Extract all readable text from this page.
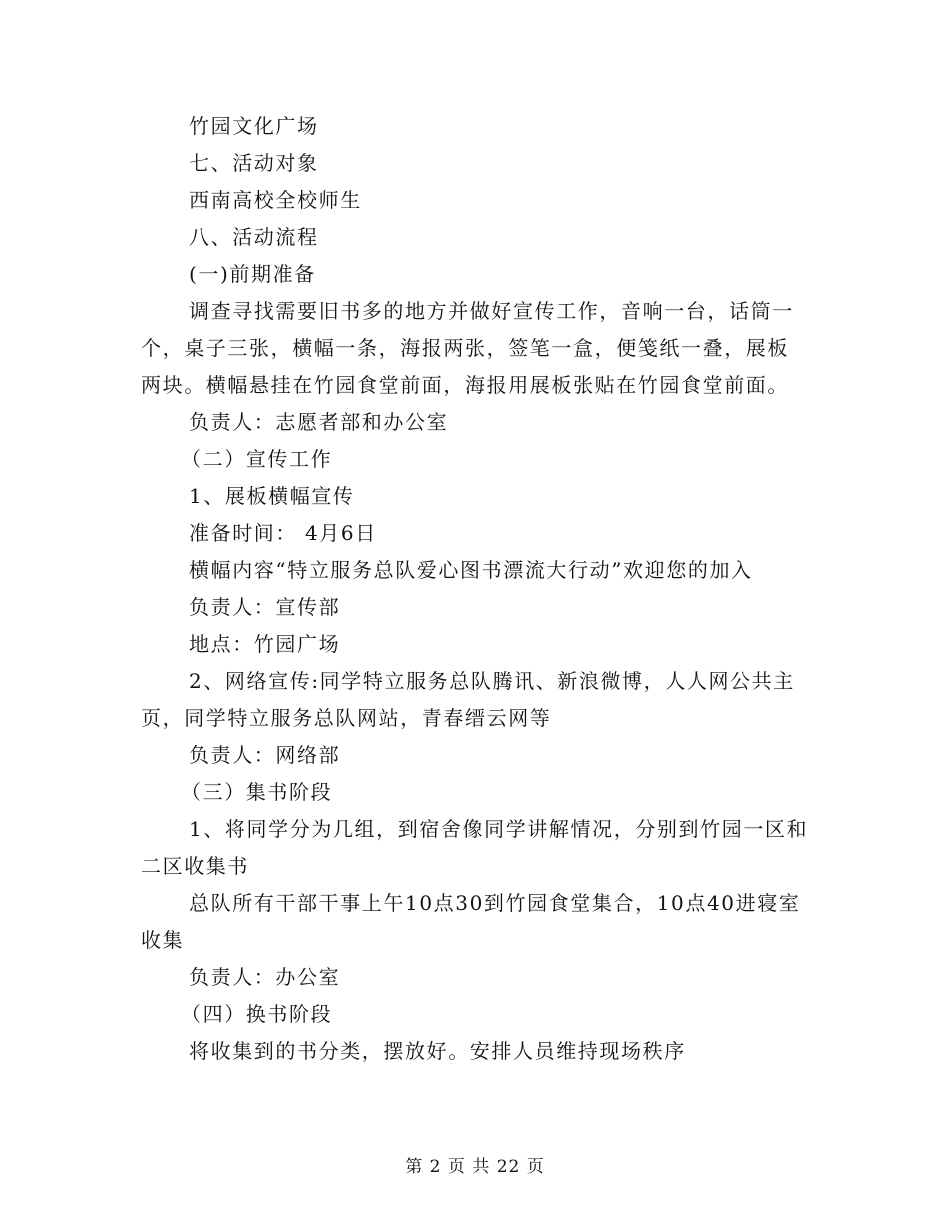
竹园文化广场
七、活动对象
西南高校全校师生
八、活动流程
(一)前期准备
调查寻找需要旧书多的地方并做好宣传工作，音响一台，话筒一
个，桌子三张，横幅一条，海报两张，签笔一盒，便笺纸一叠，展板
两块。横幅悬挂在竹园食堂前面，海报用展板张贴在竹园食堂前面。
负责人：志愿者部和办公室
（二）宣传工作
1、展板横幅宣传
准备时间： 4月6日
横幅内容“特立服务总队爱心图书漂流大行动”欢迎您的加入
负责人：宣传部
地点：竹园广场
2、网络宣传:同学特立服务总队腾讯、新浪微博，人人网公共主
页，同学特立服务总队网站，青春缙云网等
负责人：网络部
（三）集书阶段
1、将同学分为几组，到宿舍像同学讲解情况，分别到竹园一区和
二区收集书
总队所有干部干事上午10点30到竹园食堂集合，10点40进寝室
收集
负责人：办公室
（四）换书阶段
将收集到的书分类，摆放好。安排人员维持现场秩序
第 2 页 共 22 页
